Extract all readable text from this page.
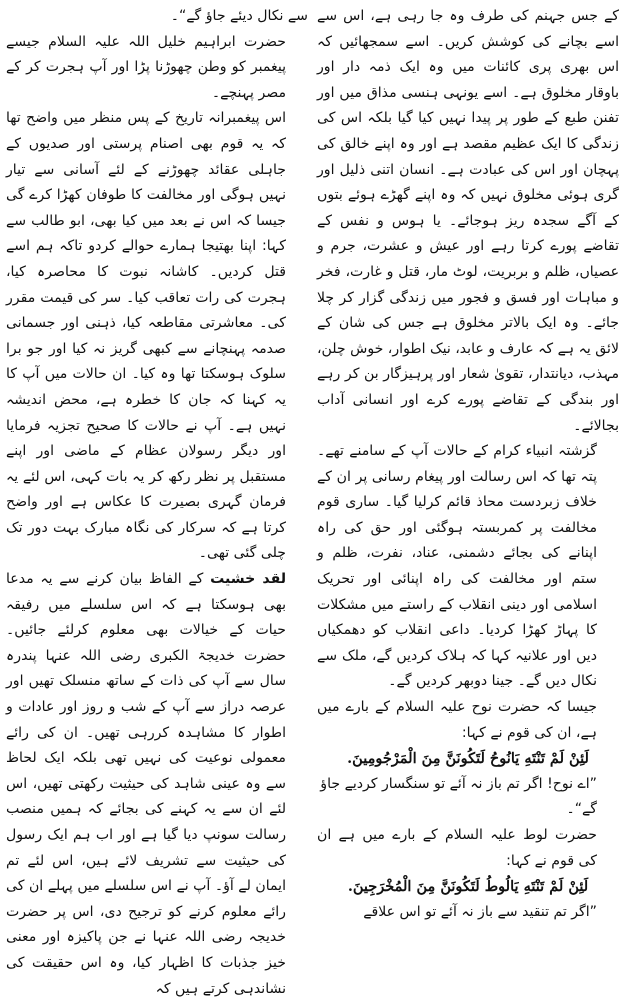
کے جس جہنم کی طرف وہ جا رہی ہے، اس سے اسے بچانے کی کوشش کریں۔ اسے سمجھائیں کہ اس بھری پری کائنات میں وہ ایک ذمہ دار اور باوقار مخلوق ہے۔ اسے یونہی ہنسی مذاق میں اور تفنن طبع کے طور پر پیدا نہیں کیا گیا بلکہ اس کی زندگی کا ایک عظیم مقصد ہے اور وہ اپنے خالق کی پہچان اور اس کی عبادت ہے۔ انسان اتنی ذلیل اور گری ہوئی مخلوق نہیں کہ وہ اپنے گھڑے ہوئے بتوں کے آگے سجدہ ریز ہوجائے۔ یا ہوس و نفس کے تقاضے پورے کرتا رہے اور عیش و عشرت، جرم و عصیاں، ظلم و بربریت، لوٹ مار، قتل و غارت، فخر و مباہات اور فسق و فجور میں زندگی گزار کر چلا جائے۔ وہ ایک بالاتر مخلوق ہے جس کی شان کے لائق یہ ہے کہ عارف و عابد، نیک اطوار، خوش چلن، مہذب، دیانتدار، تقویٰ شعار اور پرہیزگار بن کر رہے اور بندگی کے تقاضے پورے کرے اور انسانی آداب بجالائے۔

گزشتہ انبیاء کرام کے حالات آپ کے سامنے تھے۔ پتہ تھا کہ اس رسالت اور پیغام رسانی پر ان کے خلاف زبردست محاذ قائم کرلیا گیا۔ ساری قوم مخالفت پر کمربستہ ہوگئی اور حق کی راہ اپنانے کی بجائے دشمنی، عناد، نفرت، ظلم و ستم اور مخالفت کی راہ اپنائی اور تحریک اسلامی اور دینی انقلاب کے راستے میں مشکلات کا پہاڑ کھڑا کردیا۔ داعی انقلاب کو دھمکیاں دیں اور علانیہ کہا کہ ہلاک کردیں گے، ملک سے نکال دیں گے۔ جینا دوبھر کردیں گے۔

جیسا کہ حضرت نوح علیہ السلام کے بارے میں ہے، ان کی قوم نے کہا:

لَئِنْ لَمْ تَنْتَهِ يَانُوحُ لَتَكُونَنَّ مِنَ الْمَرْجُومِينَ.

”اے نوح! اگر تم باز نہ آئے تو سنگسار کردیے جاؤ گے“۔

حضرت لوط علیہ السلام کے بارے میں ہے ان کی قوم نے کہا:

لَئِنْ لَمْ تَنْتَهِ يَالُوطُ لَتَكُونَنَّ مِنَ الْمُخْرَجِينَ.

”اگر تم تنقید سے باز نہ آئے تو اس علاقے

سے نکال دیئے جاؤ گے“۔

حضرت ابراہیم خلیل اللہ علیہ السلام جیسے پیغمبر کو وطن چھوڑنا پڑا اور آپ ہجرت کر کے مصر پہنچے۔

اس پیغمبرانہ تاریخ کے پس منظر میں واضح تھا کہ یہ قوم بھی اصنام پرستی اور صدیوں کے جاہلی عقائد چھوڑنے کے لئے آسانی سے تیار نہیں ہوگی اور مخالفت کا طوفان کھڑا کرے گی جیسا کہ اس نے بعد میں کیا بھی، ابو طالب سے کہا: اپنا بھتیجا ہمارے حوالے کردو تاکہ ہم اسے قتل کردیں۔ کاشانہ نبوت کا محاصرہ کیا، ہجرت کی رات تعاقب کیا۔ سر کی قیمت مقرر کی۔ معاشرتی مقاطعہ کیا، ذہنی اور جسمانی صدمہ پہنچانے سے کبھی گریز نہ کیا اور جو برا سلوک ہوسکتا تھا وہ کیا۔ ان حالات میں آپ کا یہ کہنا کہ جان کا خطرہ ہے، محض اندیشہ نہیں ہے۔ آپ نے حالات کا صحیح تجزیہ فرمایا اور دیگر رسولان عظام کے ماضی اور اپنے مستقبل پر نظر رکھ کر یہ بات کہی، اس لئے یہ فرمان گہری بصیرت کا عکاس ہے اور واضح کرتا ہے کہ سرکار کی نگاہ مبارک بہت دور تک چلی گئی تھی۔

لقد خشیت کے الفاظ بیان کرنے سے یہ مدعا بھی ہوسکتا ہے کہ اس سلسلے میں رفیقہ حیات کے خیالات بھی معلوم کرلئے جائیں۔ حضرت خدیجۃ الکبری رضی اللہ عنہا پندرہ سال سے آپ کی ذات کے ساتھ منسلک تھیں اور عرصہ دراز سے آپ کے شب و روز اور عادات و اطوار کا مشاہدہ کررہی تھیں۔ ان کی رائے معمولی نوعیت کی نہیں تھی بلکہ ایک لحاظ سے وہ عینی شاہد کی حیثیت رکھتی تھیں، اس لئے ان سے یہ کہنے کی بجائے کہ ہمیں منصب رسالت سونپ دیا گیا ہے اور اب ہم ایک رسول کی حیثیت سے تشریف لائے ہیں، اس لئے تم ایمان لے آؤ۔ آپ نے اس سلسلے میں پہلے ان کی رائے معلوم کرنے کو ترجیح دی، اس پر حضرت خدیجہ رضی اللہ عنہا نے جن پاکیزہ اور معنی خیز جذبات کا اظہار کیا، وہ اس حقیقت کی نشاندہی کرتے ہیں کہ
